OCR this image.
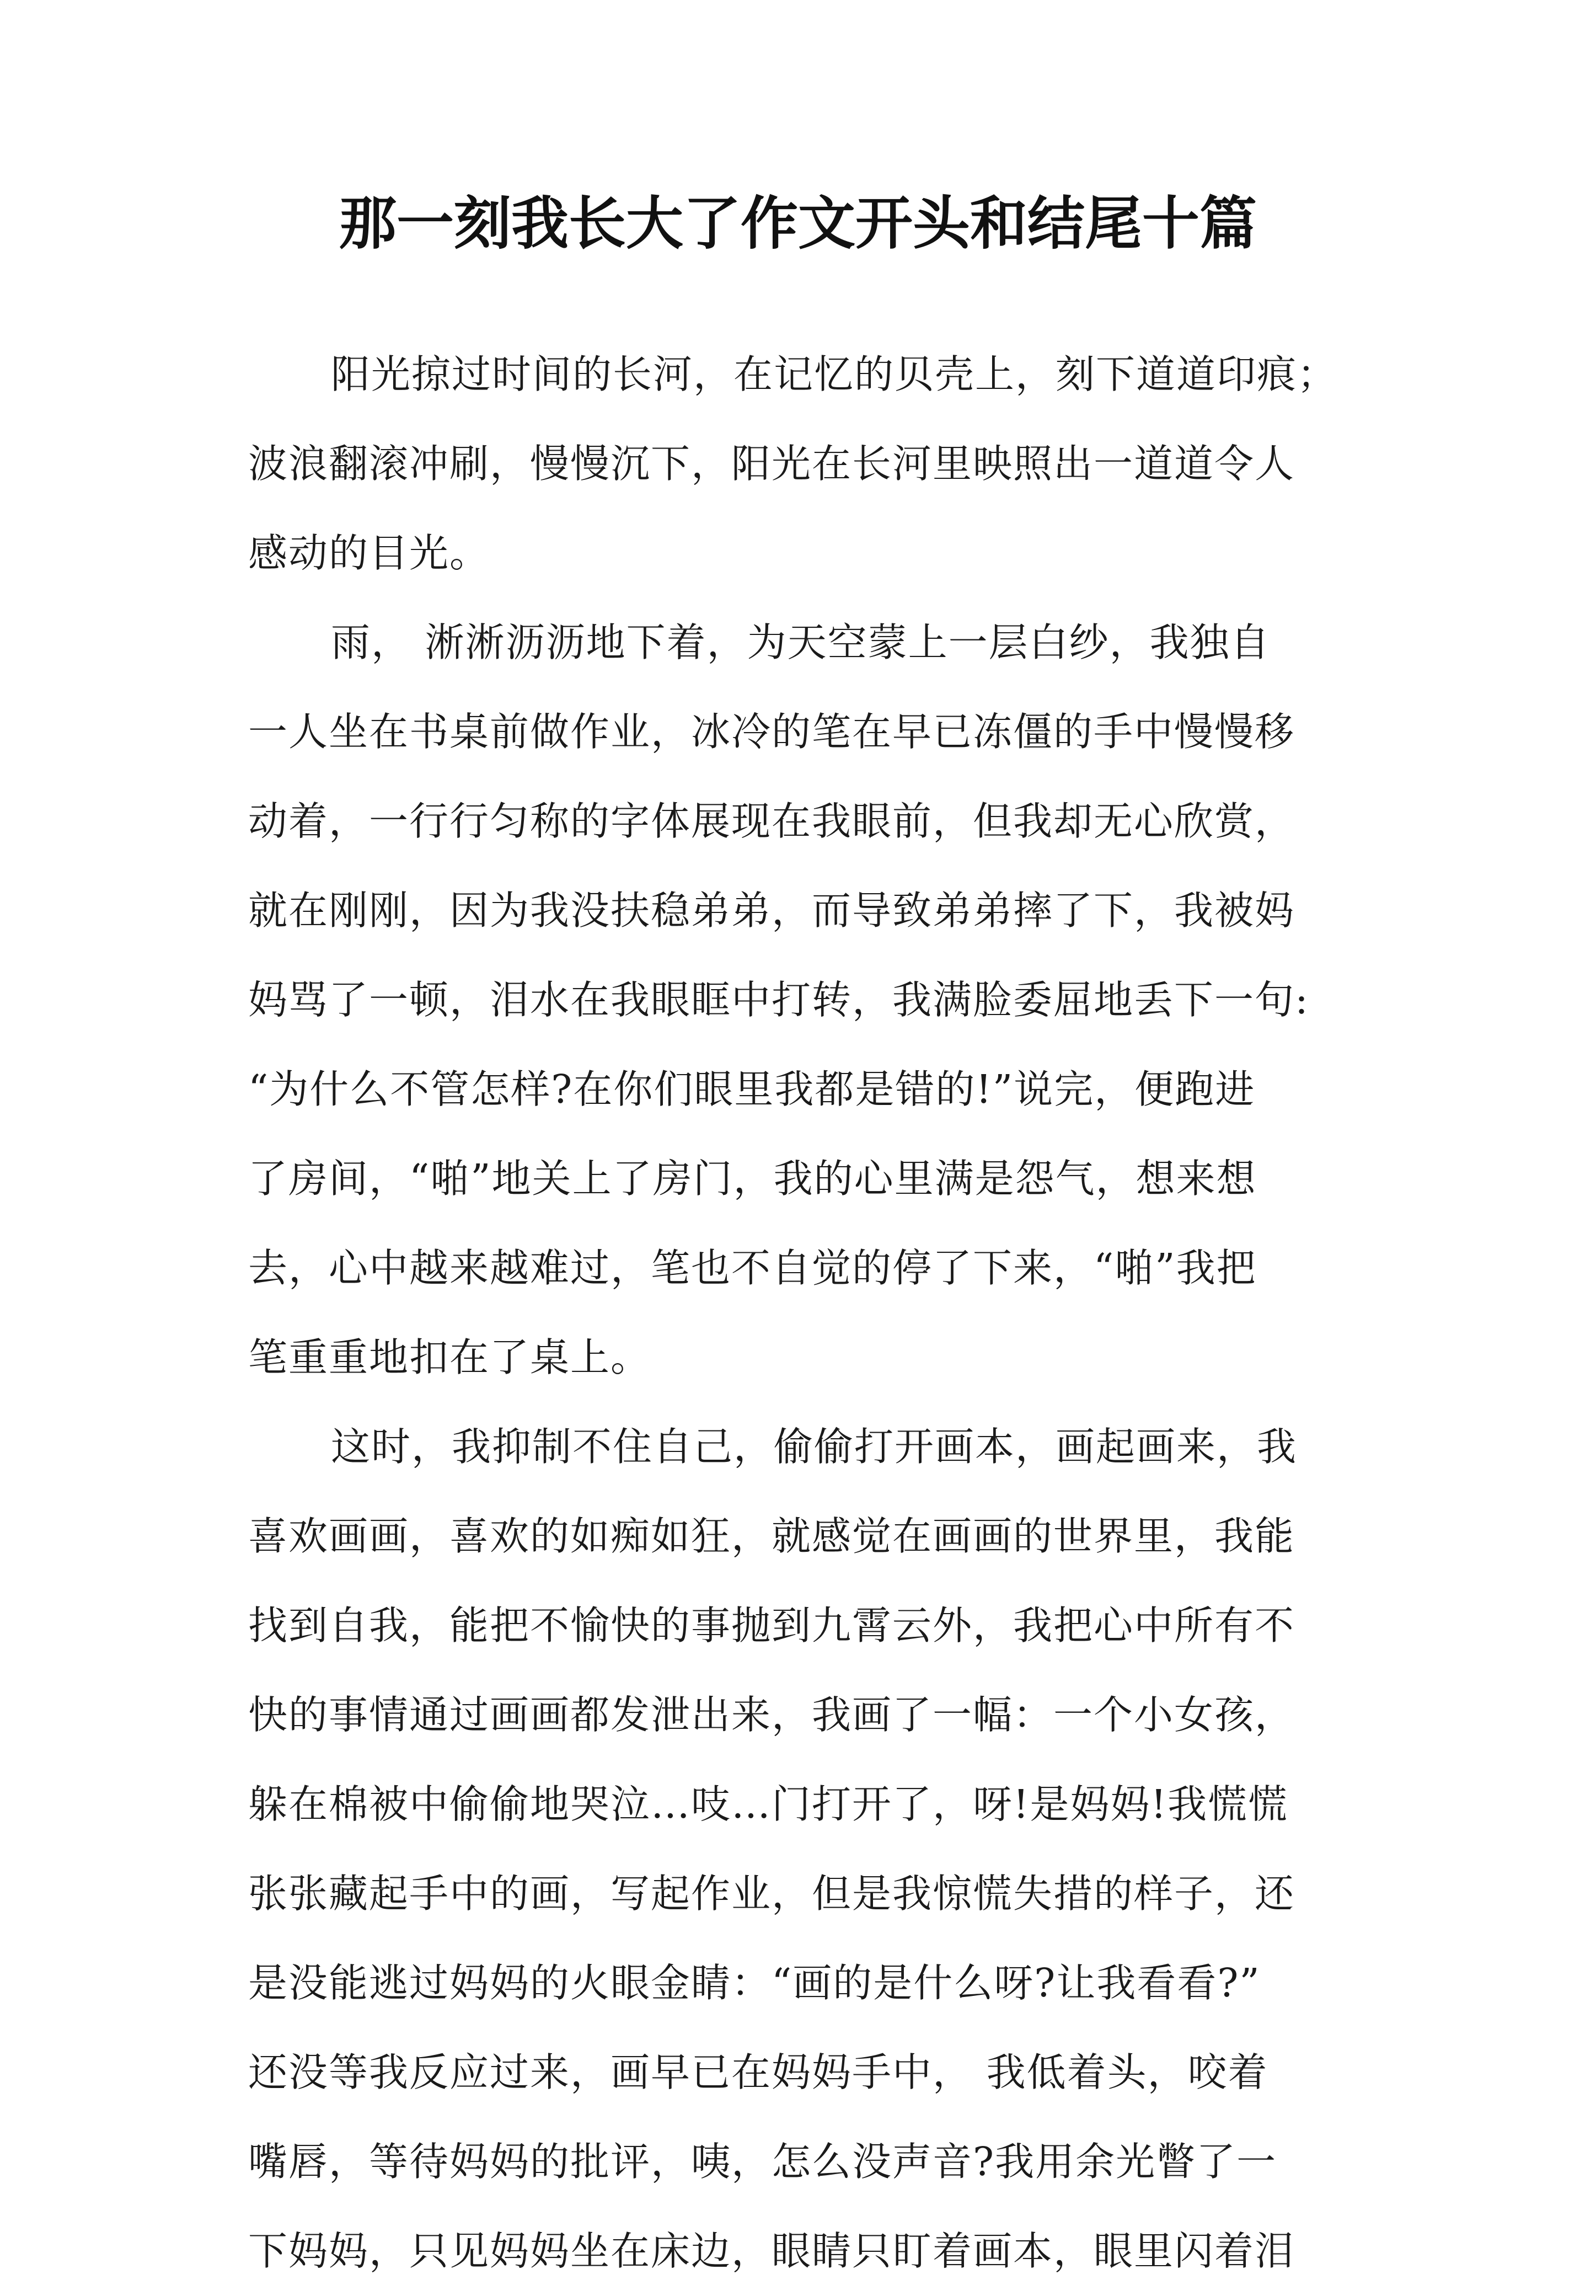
那一刻我长大了作文开头和结尾十篇
阳光掠过时间的长河，在记忆的贝壳上，刻下道道印痕；
波浪翻滚冲刷，慢慢沉下，阳光在长河里映照出一道道令人
感动的目光。
雨， 淅淅沥沥地下着，为天空蒙上一层白纱，我独自
一人坐在书桌前做作业，冰冷的笔在早已冻僵的手中慢慢移
动着，一行行匀称的字体展现在我眼前，但我却无心欣赏，
就在刚刚，因为我没扶稳弟弟，而导致弟弟摔了下，我被妈
妈骂了一顿，泪水在我眼眶中打转，我满脸委屈地丢下一句:
“为什么不管怎样?在你们眼里我都是错的!”说完，便跑进
了房间，“啪”地关上了房门，我的心里满是怨气，想来想
去，心中越来越难过，笔也不自觉的停了下来，“啪”我把
笔重重地扣在了桌上。
这时，我抑制不住自己，偷偷打开画本，画起画来，我
喜欢画画，喜欢的如痴如狂，就感觉在画画的世界里，我能
找到自我，能把不愉快的事抛到九霄云外，我把心中所有不
快的事情通过画画都发泄出来，我画了一幅：一个小女孩，
躲在棉被中偷偷地哭泣…吱…门打开了，呀!是妈妈!我慌慌
张张藏起手中的画，写起作业，但是我惊慌失措的样子，还
是没能逃过妈妈的火眼金睛：“画的是什么呀?让我看看?”
还没等我反应过来，画早已在妈妈手中， 我低着头，咬着
嘴唇，等待妈妈的批评，咦，怎么没声音?我用余光瞥了一
下妈妈，只见妈妈坐在床边，眼睛只盯着画本，眼里闪着泪
